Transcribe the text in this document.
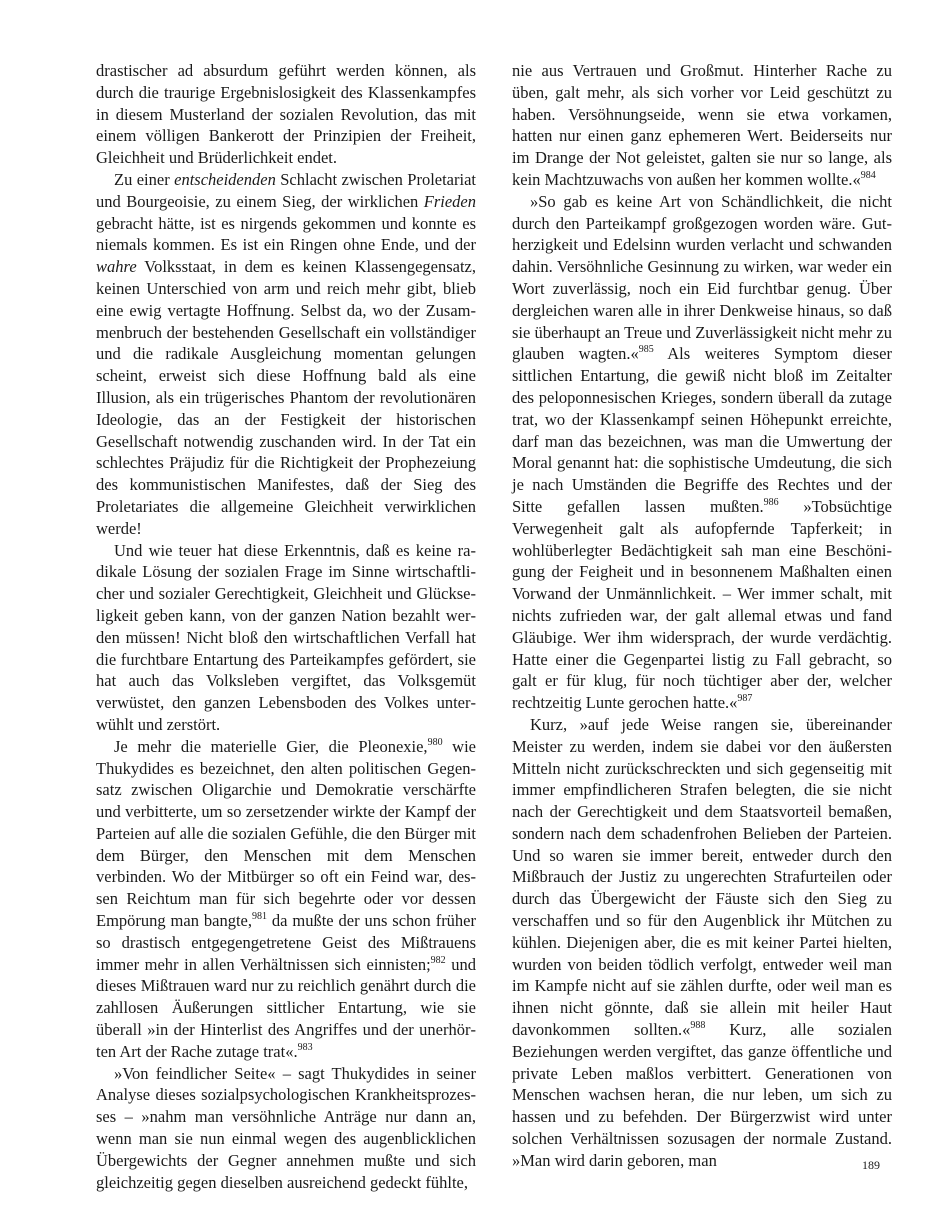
drastischer ad absurdum geführt werden können, als durch die traurige Ergebnislosigkeit des Klassenkampfes in diesem Musterland der sozialen Revolution, das mit einem völligen Bankerott der Prinzipien der Freiheit, Gleichheit und Brüderlichkeit endet.

Zu einer entscheidenden Schlacht zwischen Proletariat und Bourgeoisie, zu einem Sieg, der wirklichen Frieden gebracht hätte, ist es nirgends gekommen und konnte es niemals kommen. Es ist ein Ringen ohne Ende, und der wahre Volksstaat, in dem es keinen Klassengegensatz, keinen Unterschied von arm und reich mehr gibt, blieb eine ewig vertagte Hoffnung. Selbst da, wo der Zusammenbruch der bestehenden Gesellschaft ein vollständiger und die radikale Ausgleichung momentan gelungen scheint, erweist sich diese Hoffnung bald als eine Illusion, als ein trügerisches Phantom der revolutionären Ideologie, das an der Festigkeit der historischen Gesellschaft notwendig zuschanden wird. In der Tat ein schlechtes Präjudiz für die Richtigkeit der Prophezeiung des kommunistischen Manifestes, daß der Sieg des Proletariates die allgemeine Gleichheit verwirklichen werde!

Und wie teuer hat diese Erkenntnis, daß es keine radikale Lösung der sozialen Frage im Sinne wirtschaftlicher und sozialer Gerechtigkeit, Gleichheit und Glückseligkeit geben kann, von der ganzen Nation bezahlt werden müssen! Nicht bloß den wirtschaftlichen Verfall hat die furchtbare Entartung des Parteikampfes gefördert, sie hat auch das Volksleben vergiftet, das Volksgemüt verwüstet, den ganzen Lebensboden des Volkes unterwühlt und zerstört.

Je mehr die materielle Gier, die Pleonexie,$^{980}$ wie Thukydides es bezeichnet, den alten politischen Gegensatz zwischen Oligarchie und Demokratie verschärfte und verbitterte, um so zersetzender wirkte der Kampf der Parteien auf alle die sozialen Gefühle, die den Bürger mit dem Bürger, den Menschen mit dem Menschen verbinden. Wo der Mitbürger so oft ein Feind war, dessen Reichtum man für sich begehrte oder vor dessen Empörung man bangte,$^{981}$ da mußte der uns schon früher so drastisch entgegengetretene Geist des Mißtrauens immer mehr in allen Verhältnissen sich einnisten;$^{982}$ und dieses Mißtrauen ward nur zu reichlich genährt durch die zahllosen Äußerungen sittlicher Entartung, wie sie überall »in der Hinterlist des Angriffes und der unerhörten Art der Rache zutage trat«.$^{983}$

»Von feindlicher Seite« – sagt Thukydides in seiner Analyse dieses sozialpsychologischen Krankheitsprozesses – »nahm man versöhnliche Anträge nur dann an, wenn man sie nun einmal wegen des augenblicklichen Übergewichts der Gegner annehmen mußte und sich gleichzeitig gegen dieselben ausreichend gedeckt fühlte,

nie aus Vertrauen und Großmut. Hinterher Rache zu üben, galt mehr, als sich vorher vor Leid geschützt zu haben. Versöhnungseide, wenn sie etwa vorkamen, hatten nur einen ganz ephemeren Wert. Beiderseits nur im Drange der Not geleistet, galten sie nur so lange, als kein Machtzuwachs von außen her kommen wollte.«$^{984}$

»So gab es keine Art von Schändlichkeit, die nicht durch den Parteikampf großgezogen worden wäre. Gutherzigkeit und Edelsinn wurden verlacht und schwanden dahin. Versöhnliche Gesinnung zu wirken, war weder ein Wort zuverlässig, noch ein Eid furchtbar genug. Über dergleichen waren alle in ihrer Denkweise hinaus, so daß sie überhaupt an Treue und Zuverlässigkeit nicht mehr zu glauben wagten.«$^{985}$ Als weiteres Symptom dieser sittlichen Entartung, die gewiß nicht bloß im Zeitalter des peloponnesischen Krieges, sondern überall da zutage trat, wo der Klassenkampf seinen Höhepunkt erreichte, darf man das bezeichnen, was man die Umwertung der Moral genannt hat: die sophistische Umdeutung, die sich je nach Umständen die Begriffe des Rechtes und der Sitte gefallen lassen mußten.$^{986}$ »Tobsüchtige Verwegenheit galt als aufopfernde Tapferkeit; in wohlüberlegter Bedächtigkeit sah man eine Beschönigung der Feigheit und in besonnenem Maßhalten einen Vorwand der Unmännlichkeit. – Wer immer schalt, mit nichts zufrieden war, der galt allemal etwas und fand Gläubige. Wer ihm widersprach, der wurde verdächtig. Hatte einer die Gegenpartei listig zu Fall gebracht, so galt er für klug, für noch tüchtiger aber der, welcher rechtzeitig Lunte gerochen hatte.«$^{987}$

Kurz, »auf jede Weise rangen sie, übereinander Meister zu werden, indem sie dabei vor den äußersten Mitteln nicht zurückschreckten und sich gegenseitig mit immer empfindlicheren Strafen belegten, die sie nicht nach der Gerechtigkeit und dem Staatsvorteil bemaßen, sondern nach dem schadenfrohen Belieben der Parteien. Und so waren sie immer bereit, entweder durch den Mißbrauch der Justiz zu ungerechten Strafurteilen oder durch das Übergewicht der Fäuste sich den Sieg zu verschaffen und so für den Augenblick ihr Mütchen zu kühlen. Diejenigen aber, die es mit keiner Partei hielten, wurden von beiden tödlich verfolgt, entweder weil man im Kampfe nicht auf sie zählen durfte, oder weil man es ihnen nicht gönnte, daß sie allein mit heiler Haut davonkommen sollten.«$^{988}$ Kurz, alle sozialen Beziehungen werden vergiftet, das ganze öffentliche und private Leben maßlos verbittert. Generationen von Menschen wachsen heran, die nur leben, um sich zu hassen und zu befehden. Der Bürgerzwist wird unter solchen Verhältnissen sozusagen der normale Zustand. »Man wird darin geboren, man	189
